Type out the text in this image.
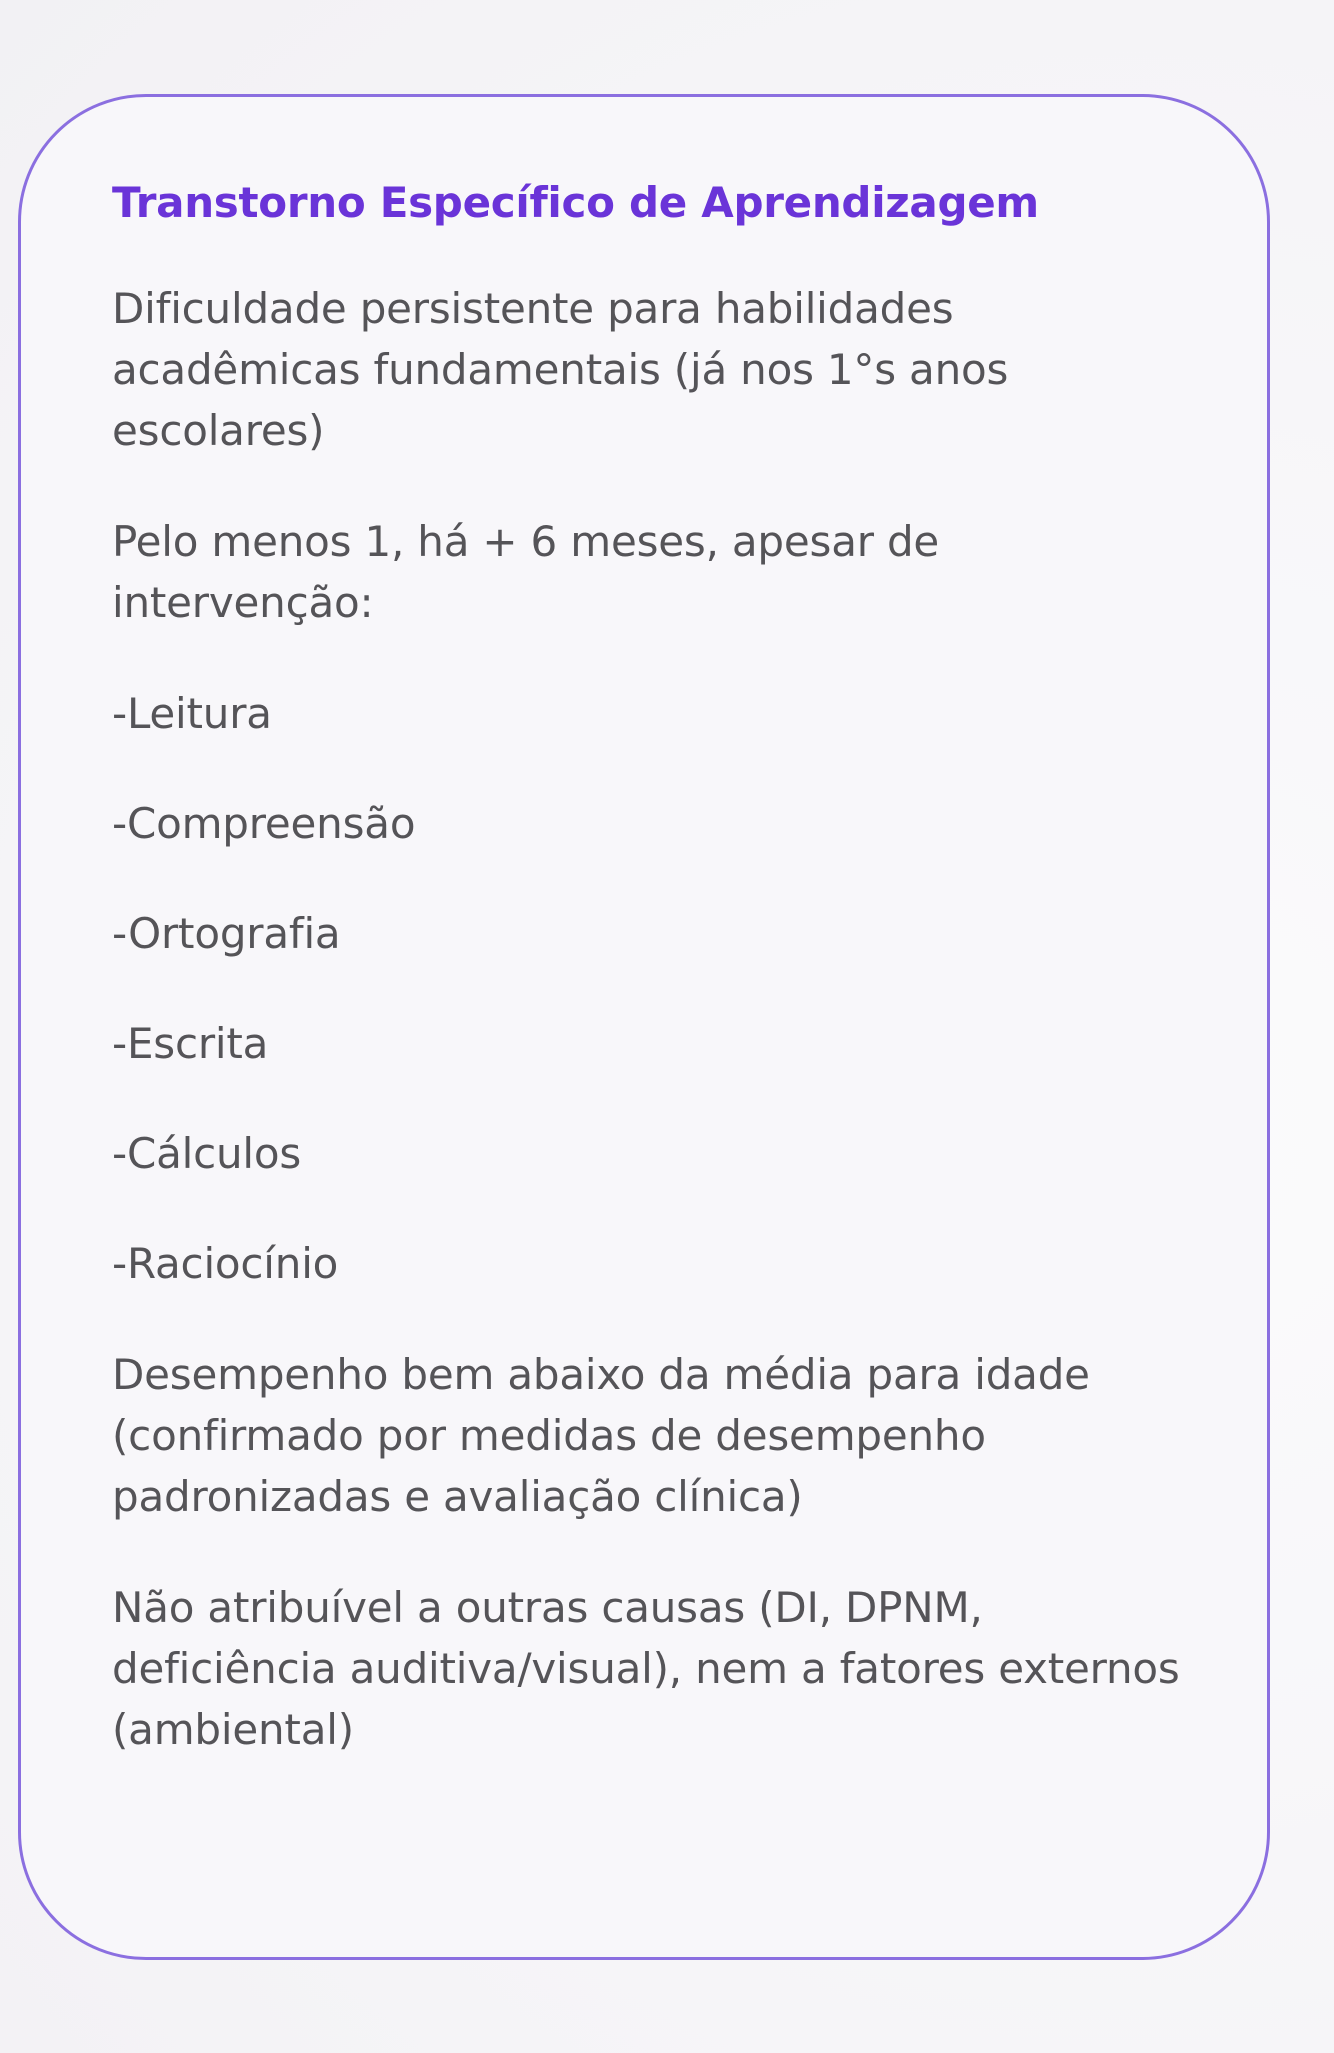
Transtorno Específico de Aprendizagem

Dificuldade persistente para habilidades acadêmicas fundamentais (já nos 1°s anos escolares)

Pelo menos 1, há + 6 meses, apesar de intervenção:

-Leitura

-Compreensão

-Ortografia

-Escrita

-Cálculos

-Raciocínio

Desempenho bem abaixo da média para idade (confirmado por medidas de desempenho padronizadas e avaliação clínica)

Não atribuível a outras causas (DI, DPNM, deficiência auditiva/visual), nem a fatores externos (ambiental)
